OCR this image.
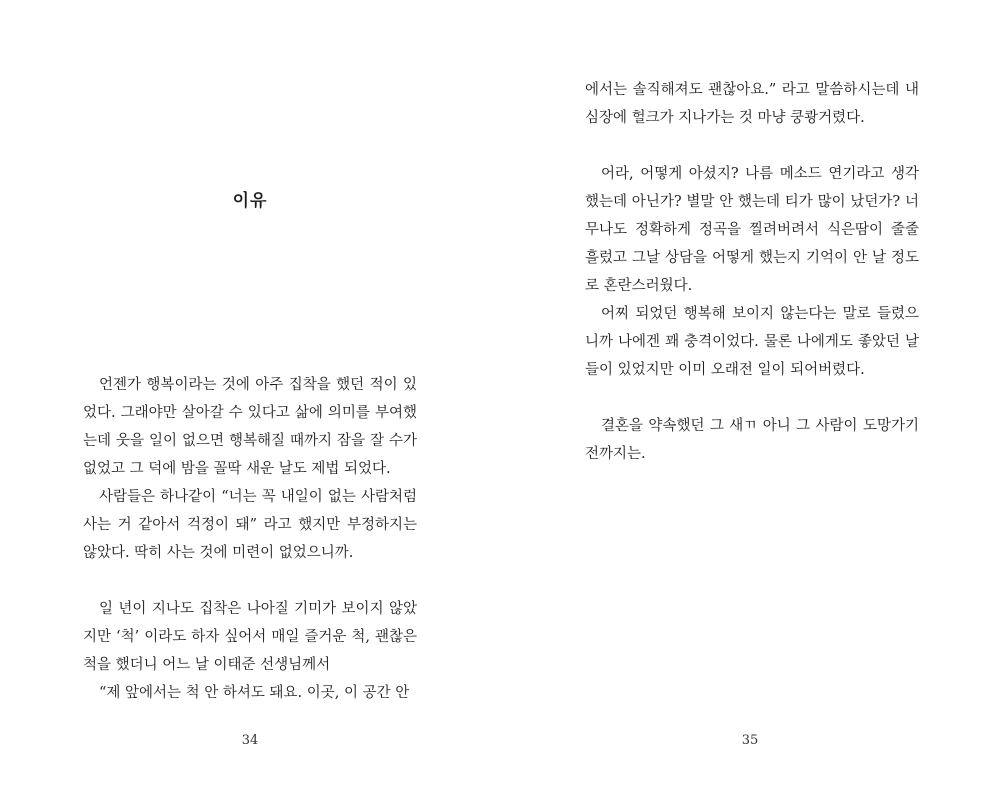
이유

언젠가 행복이라는 것에 아주 집착을 했던 적이 있었다. 그래야만 살아갈 수 있다고 삶에 의미를 부여했는데 웃을 일이 없으면 행복해질 때까지 잠을 잘 수가 없었고 그 덕에 밤을 꼴딱 새운 날도 제법 되었다.

사람들은 하나같이 “너는 꼭 내일이 없는 사람처럼 사는 거 같아서 걱정이 돼” 라고 했지만 부정하지는 않았다. 딱히 사는 것에 미련이 없었으니까.

일 년이 지나도 집착은 나아질 기미가 보이지 않았지만 ‘척’ 이라도 하자 싶어서 매일 즐거운 척, 괜찮은 척을 했더니 어느 날 이태준 선생님께서

“제 앞에서는 척 안 하셔도 돼요. 이곳, 이 공간 안

34

에서는 솔직해져도 괜찮아요.” 라고 말씀하시는데 내 심장에 헐크가 지나가는 것 마냥 쿵쾅거렸다.

어라, 어떻게 아셨지? 나름 메소드 연기라고 생각했는데 아닌가? 별말 안 했는데 티가 많이 났던가? 너무나도 정확하게 정곡을 찔려버려서 식은땀이 줄줄 흘렀고 그날 상담을 어떻게 했는지 기억이 안 날 정도로 혼란스러웠다.

어찌 되었던 행복해 보이지 않는다는 말로 들렸으니까 나에겐 꽤 충격이었다. 물론 나에게도 좋았던 날들이 있었지만 이미 오래전 일이 되어버렸다.

결혼을 약속했던 그 새ㄲ 아니 그 사람이 도망가기 전까지는.

35
